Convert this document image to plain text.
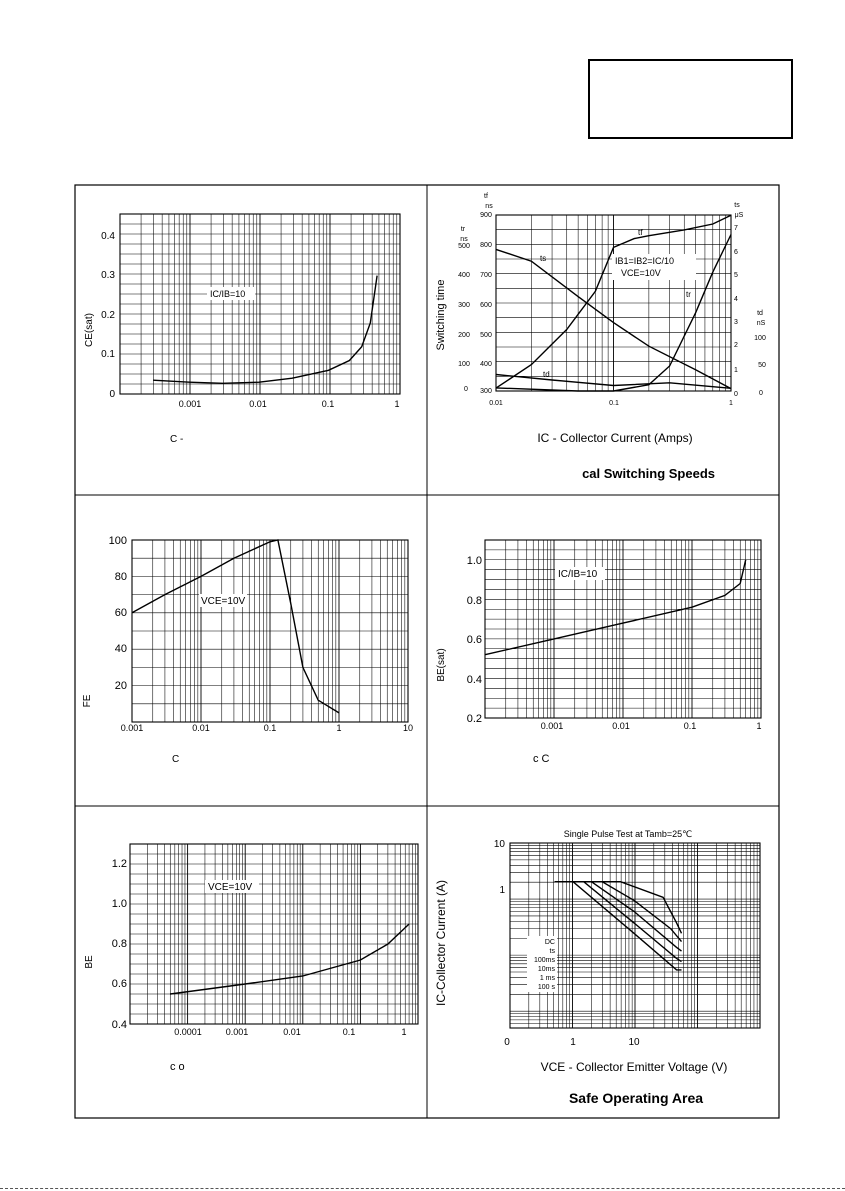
0
0.1
0.2
0.3
0.4
0.001	0.01	0.1	1
IC/IB=10
CE(sat)
C -
tf
ns
900
800
700
600
500
400
300
tr
ns
500
400
300
200
100
0
ts
μS
7
6
5
4
3
2
1
0
td
nS
100
50
0
0.01	0.1	1
ts
tf
tr
td
IB1=IB2=IC/10
VCE=10V
Switching time
IC - Collector Current (Amps)
cal Switching Speeds
20
40
60
80
100
0.001	0.01	0.1	1	10
VCE=10V
FE
C
0.2
0.4
0.6
0.8
1.0
0.001	0.01	0.1	1
IC/IB=10
BE(sat)
c C
0.4
0.6
0.8
1.0
1.2
0.0001	0.001	0.01	0.1	1
VCE=10V
BE
c o
Single Pulse Test at Tamb=25℃
10
1
0	1	10
DC
ts
100ms
10ms
1 ms
100 s
IC-Collector Current (A)
VCE - Collector Emitter Voltage (V)
Safe Operating Area
